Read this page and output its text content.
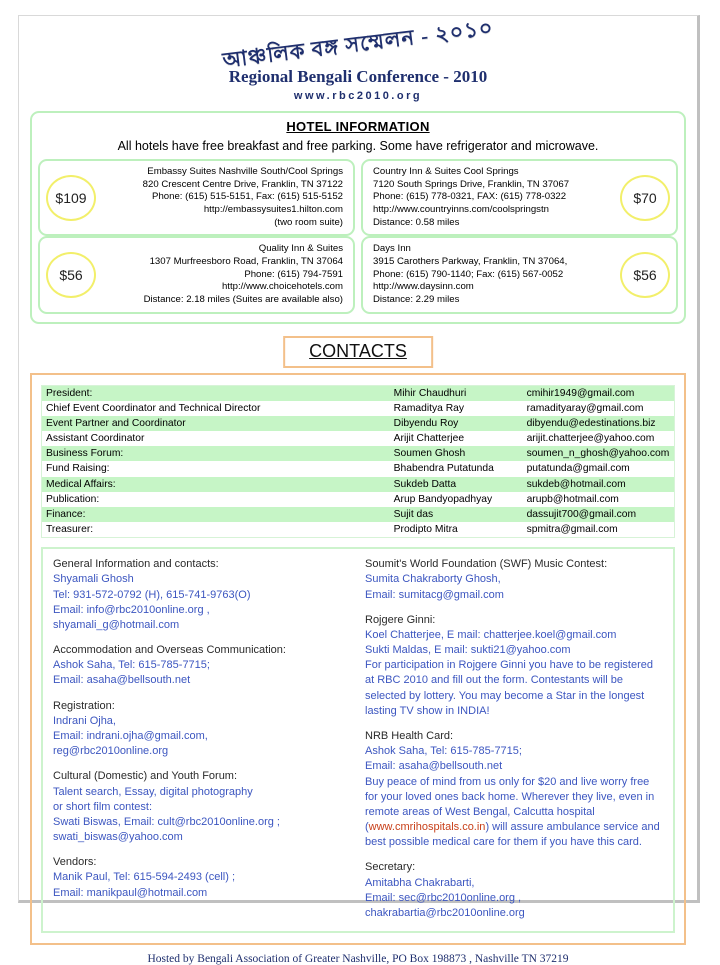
আঞ্চলিক বঙ্গ সম্মেলন - ২০১০
Regional Bengali Conference - 2010
www.rbc2010.org
HOTEL INFORMATION
All hotels have free breakfast and free parking. Some have refrigerator and microwave.
$109
Embassy Suites Nashville South/Cool Springs
820 Crescent Centre Drive, Franklin, TN 37122
Phone: (615) 515-5151, Fax: (615) 515-5152
http://embassysuites1.hilton.com
(two room suite)
Country Inn & Suites Cool Springs
7120 South Springs Drive, Franklin, TN 37067
Phone: (615) 778-0321, FAX: (615) 778-0322
http://www.countryinns.com/coolspringstn
Distance: 0.58 miles
$70
$56
Quality Inn & Suites
1307 Murfreesboro Road, Franklin, TN 37064
Phone: (615) 794-7591
http://www.choicehotels.com
Distance: 2.18 miles (Suites are available also)
Days Inn
3915 Carothers Parkway, Franklin, TN 37064,
Phone: (615) 790-1140; Fax: (615) 567-0052
http://www.daysinn.com
Distance: 2.29 miles
$56
CONTACTS
President:	Mihir Chaudhuri	cmihir1949@gmail.com
Chief Event Coordinator and Technical Director	Ramaditya Ray	ramadityaray@gmail.com
Event Partner and Coordinator	Dibyendu Roy	dibyendu@edestinations.biz
Assistant Coordinator	Arijit Chatterjee	arijit.chatterjee@yahoo.com
Business Forum:	Soumen Ghosh	soumen_n_ghosh@yahoo.com
Fund Raising:	Bhabendra Putatunda	putatunda@gmail.com
Medical Affairs:	Sukdeb Datta	sukdeb@hotmail.com
Publication:	Arup Bandyopadhyay	arupb@hotmail.com
Finance:	Sujit das	dassujit700@gmail.com
Treasurer:	Prodipto Mitra	spmitra@gmail.com
General Information and contacts:
Shyamali Ghosh
Tel: 931-572-0792 (H), 615-741-9763(O)
Email: info@rbc2010online.org ,
shyamali_g@hotmail.com
Accommodation and Overseas Communication:
Ashok Saha, Tel: 615-785-7715;
Email: asaha@bellsouth.net
Registration:
Indrani Ojha,
Email: indrani.ojha@gmail.com,
reg@rbc2010online.org
Cultural (Domestic) and Youth Forum:
Talent search, Essay, digital photography
or short film contest:
Swati Biswas, Email: cult@rbc2010online.org ;
swati_biswas@yahoo.com
Vendors:
Manik Paul, Tel: 615-594-2493 (cell) ;
Email: manikpaul@hotmail.com
Soumit's World Foundation (SWF) Music Contest:
Sumita Chakraborty Ghosh,
Email: sumitacg@gmail.com
Rojgere Ginni:
Koel Chatterjee, E mail: chatterjee.koel@gmail.com
Sukti Maldas, E mail: sukti21@yahoo.com
For participation in Rojgere Ginni you have to be registered
at RBC 2010 and fill out the form. Contestants will be
selected by lottery. You may become a Star in the longest
lasting TV show in INDIA!
NRB Health Card:
Ashok Saha, Tel: 615-785-7715;
Email: asaha@bellsouth.net
Buy peace of mind from us only for $20 and live worry free
for your loved ones back home. Wherever they live, even in
remote areas of West Bengal, Calcutta hospital
(www.cmrihospitals.co.in) will assure ambulance service and
best possible medical care for them if you have this card.
Secretary:
Amitabha Chakrabarti,
Email: sec@rbc2010online.org , chakrabartia@rbc2010online.org
Hosted by Bengali Association of Greater Nashville, PO Box 198873 , Nashville TN 37219
